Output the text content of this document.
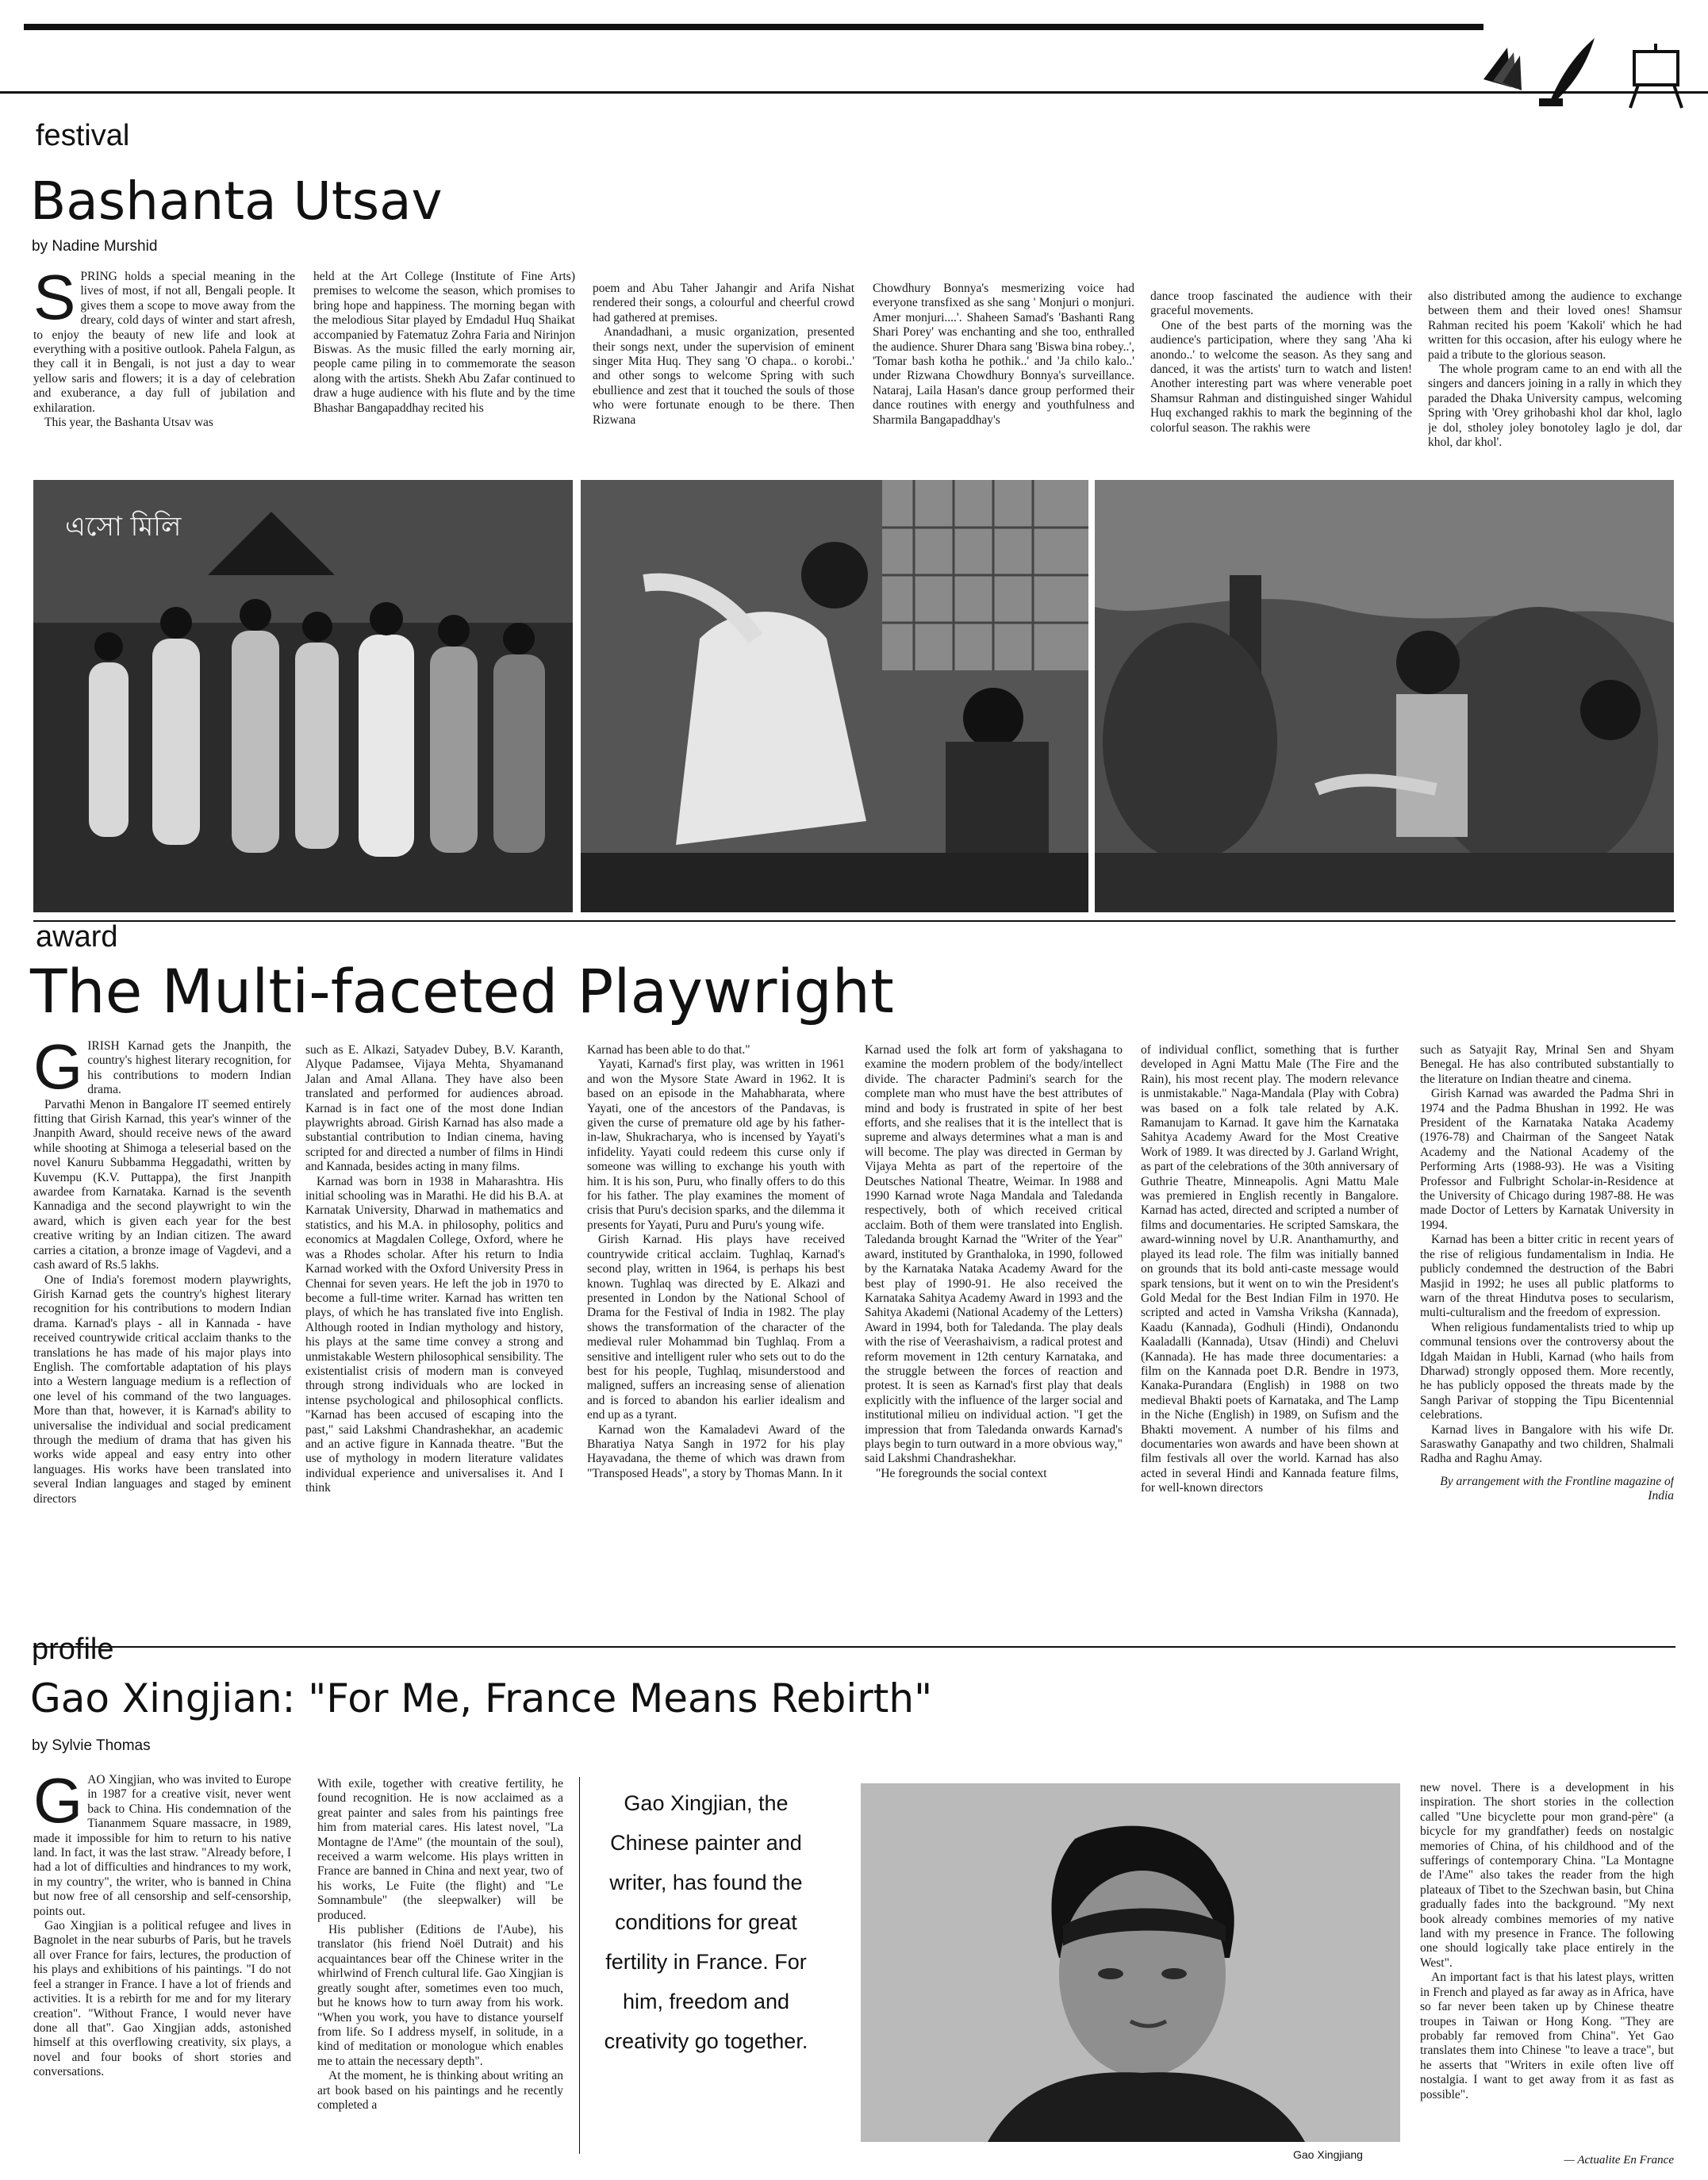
festival
Bashanta Utsav
by Nadine Murshid
S PRING holds a special meaning in the lives of most, if not all, Bengali people. It gives them a scope to move away from the dreary, cold days of winter and start afresh, to enjoy the beauty of new life and look at everything with a positive outlook. Pahela Falgun, as they call it in Bengali, is not just a day to wear yellow saris and flowers; it is a day of celebration and exuberance, a day full of jubilation and exhilaration.

This year, the Bashanta Utsav was

held at the Art College (Institute of Fine Arts) premises to welcome the season, which promises to bring hope and happiness. The morning began with the melodious Sitar played by Emdadul Huq Shaikat accompanied by Fatematuz Zohra Faria and Nirinjon Biswas. As the music filled the early morning air, people came piling in to commemorate the season along with the artists. Shekh Abu Zafar continued to draw a huge audience with his flute and by the time Bhashar Bangapaddhay recited his

poem and Abu Taher Jahangir and Arifa Nishat rendered their songs, a colourful and cheerful crowd had gathered at premises.

Anandadhani, a music organization, presented their songs next, under the supervision of eminent singer Mita Huq. They sang 'O chapa.. o korobi..' and other songs to welcome Spring with such ebullience and zest that it touched the souls of those who were fortunate enough to be there. Then Rizwana

Chowdhury Bonnya's mesmerizing voice had everyone transfixed as she sang ' Monjuri o monjuri. Amer monjuri....'. Shaheen Samad's 'Bashanti Rang Shari Porey' was enchanting and she too, enthralled the audience. Shurer Dhara sang 'Biswa bina robey..', 'Tomar bash kotha he pothik..' and 'Ja chilo kalo..' under Rizwana Chowdhury Bonnya's surveillance. Nataraj, Laila Hasan's dance group performed their dance routines with energy and youthfulness and Sharmila Bangapaddhay's

dance troop fascinated the audience with their graceful movements.

One of the best parts of the morning was the audience's participation, where they sang 'Aha ki anondo..' to welcome the season. As they sang and danced, it was the artists' turn to watch and listen! Another interesting part was where venerable poet Shamsur Rahman and distinguished singer Wahidul Huq exchanged rakhis to mark the beginning of the colorful season. The rakhis were

also distributed among the audience to exchange between them and their loved ones! Shamsur Rahman recited his poem 'Kakoli' which he had written for this occasion, after his eulogy where he paid a tribute to the glorious season.

The whole program came to an end with all the singers and dancers joining in a rally in which they paraded the Dhaka University campus, welcoming Spring with 'Orey grihobashi khol dar khol, laglo je dol, stholey joley bonotoley laglo je dol, dar khol, dar khol'.

এসো মিলি
award
The Multi-faceted Playwright
G IRISH Karnad gets the Jnanpith, the country's highest literary recognition, for his contributions to modern Indian drama.

Parvathi Menon in Bangalore IT seemed entirely fitting that Girish Karnad, this year's winner of the Jnanpith Award, should receive news of the award while shooting at Shimoga a teleserial based on the novel Kanuru Subbamma Heggadathi, written by Kuvempu (K.V. Puttappa), the first Jnanpith awardee from Karnataka. Karnad is the seventh Kannadiga and the second playwright to win the award, which is given each year for the best creative writing by an Indian citizen. The award carries a citation, a bronze image of Vagdevi, and a cash award of Rs.5 lakhs.

One of India's foremost modern playwrights, Girish Karnad gets the country's highest literary recognition for his contributions to modern Indian drama. Karnad's plays - all in Kannada - have received countrywide critical acclaim thanks to the translations he has made of his major plays into English. The comfortable adaptation of his plays into a Western language medium is a reflection of one level of his command of the two languages. More than that, however, it is Karnad's ability to universalise the individual and social predicament through the medium of drama that has given his works wide appeal and easy entry into other languages. His works have been translated into several Indian languages and staged by eminent directors

such as E. Alkazi, Satyadev Dubey, B.V. Karanth, Alyque Padamsee, Vijaya Mehta, Shyamanand Jalan and Amal Allana. They have also been translated and performed for audiences abroad. Karnad is in fact one of the most done Indian playwrights abroad. Girish Karnad has also made a substantial contribution to Indian cinema, having scripted for and directed a number of films in Hindi and Kannada, besides acting in many films.

Karnad was born in 1938 in Maharashtra. His initial schooling was in Marathi. He did his B.A. at Karnatak University, Dharwad in mathematics and statistics, and his M.A. in philosophy, politics and economics at Magdalen College, Oxford, where he was a Rhodes scholar. After his return to India Karnad worked with the Oxford University Press in Chennai for seven years. He left the job in 1970 to become a full-time writer. Karnad has written ten plays, of which he has translated five into English. Although rooted in Indian mythology and history, his plays at the same time convey a strong and unmistakable Western philosophical sensibility. The existentialist crisis of modern man is conveyed through strong individuals who are locked in intense psychological and philosophical conflicts. "Karnad has been accused of escaping into the past," said Lakshmi Chandrashekhar, an academic and an active figure in Kannada theatre. "But the use of mythology in modern literature validates individual experience and universalises it. And I think

Karnad has been able to do that."

Yayati, Karnad's first play, was written in 1961 and won the Mysore State Award in 1962. It is based on an episode in the Mahabharata, where Yayati, one of the ancestors of the Pandavas, is given the curse of premature old age by his father-in-law, Shukracharya, who is incensed by Yayati's infidelity. Yayati could redeem this curse only if someone was willing to exchange his youth with him. It is his son, Puru, who finally offers to do this for his father. The play examines the moment of crisis that Puru's decision sparks, and the dilemma it presents for Yayati, Puru and Puru's young wife.

Girish Karnad. His plays have received countrywide critical acclaim. Tughlaq, Karnad's second play, written in 1964, is perhaps his best known. Tughlaq was directed by E. Alkazi and presented in London by the National School of Drama for the Festival of India in 1982. The play shows the transformation of the character of the medieval ruler Mohammad bin Tughlaq. From a sensitive and intelligent ruler who sets out to do the best for his people, Tughlaq, misunderstood and maligned, suffers an increasing sense of alienation and is forced to abandon his earlier idealism and end up as a tyrant.

Karnad won the Kamaladevi Award of the Bharatiya Natya Sangh in 1972 for his play Hayavadana, the theme of which was drawn from "Transposed Heads", a story by Thomas Mann. In it

Karnad used the folk art form of yakshagana to examine the modern problem of the body/intellect divide. The character Padmini's search for the complete man who must have the best attributes of mind and body is frustrated in spite of her best efforts, and she realises that it is the intellect that is supreme and always determines what a man is and will become. The play was directed in German by Vijaya Mehta as part of the repertoire of the Deutsches National Theatre, Weimar. In 1988 and 1990 Karnad wrote Naga Mandala and Taledanda respectively, both of which received critical acclaim. Both of them were translated into English. Taledanda brought Karnad the "Writer of the Year" award, instituted by Granthaloka, in 1990, followed by the Karnataka Nataka Academy Award for the best play of 1990-91. He also received the Karnataka Sahitya Academy Award in 1993 and the Sahitya Akademi (National Academy of the Letters) Award in 1994, both for Taledanda. The play deals with the rise of Veerashaivism, a radical protest and reform movement in 12th century Karnataka, and the struggle between the forces of reaction and protest. It is seen as Karnad's first play that deals explicitly with the influence of the larger social and institutional milieu on individual action. "I get the impression that from Taledanda onwards Karnad's plays begin to turn outward in a more obvious way," said Lakshmi Chandrashekhar.

"He foregrounds the social context

of individual conflict, something that is further developed in Agni Mattu Male (The Fire and the Rain), his most recent play. The modern relevance is unmistakable." Naga-Mandala (Play with Cobra) was based on a folk tale related by A.K. Ramanujam to Karnad. It gave him the Karnataka Sahitya Academy Award for the Most Creative Work of 1989. It was directed by J. Garland Wright, as part of the celebrations of the 30th anniversary of Guthrie Theatre, Minneapolis. Agni Mattu Male was premiered in English recently in Bangalore. Karnad has acted, directed and scripted a number of films and documentaries. He scripted Samskara, the award-winning novel by U.R. Ananthamurthy, and played its lead role. The film was initially banned on grounds that its bold anti-caste message would spark tensions, but it went on to win the President's Gold Medal for the Best Indian Film in 1970. He scripted and acted in Vamsha Vriksha (Kannada), Kaadu (Kannada), Godhuli (Hindi), Ondanondu Kaaladalli (Kannada), Utsav (Hindi) and Cheluvi (Kannada). He has made three documentaries: a film on the Kannada poet D.R. Bendre in 1973, Kanaka-Purandara (English) in 1988 on two medieval Bhakti poets of Karnataka, and The Lamp in the Niche (English) in 1989, on Sufism and the Bhakti movement. A number of his films and documentaries won awards and have been shown at film festivals all over the world. Karnad has also acted in several Hindi and Kannada feature films, for well-known directors

such as Satyajit Ray, Mrinal Sen and Shyam Benegal. He has also contributed substantially to the literature on Indian theatre and cinema.

Girish Karnad was awarded the Padma Shri in 1974 and the Padma Bhushan in 1992. He was President of the Karnataka Nataka Academy (1976-78) and Chairman of the Sangeet Natak Academy and the National Academy of the Performing Arts (1988-93). He was a Visiting Professor and Fulbright Scholar-in-Residence at the University of Chicago during 1987-88. He was made Doctor of Letters by Karnatak University in 1994.

Karnad has been a bitter critic in recent years of the rise of religious fundamentalism in India. He publicly condemned the destruction of the Babri Masjid in 1992; he uses all public platforms to warn of the threat Hindutva poses to secularism, multi-culturalism and the freedom of expression.

When religious fundamentalists tried to whip up communal tensions over the controversy about the Idgah Maidan in Hubli, Karnad (who hails from Dharwad) strongly opposed them. More recently, he has publicly opposed the threats made by the Sangh Parivar of stopping the Tipu Bicentennial celebrations.

Karnad lives in Bangalore with his wife Dr. Saraswathy Ganapathy and two children, Shalmali Radha and Raghu Amay.

By arrangement with the Frontline magazine of India

profile
Gao Xingjian: "For Me, France Means Rebirth"
by Sylvie Thomas
G AO Xingjian, who was invited to Europe in 1987 for a creative visit, never went back to China. His condemnation of the Tiananmem Square massacre, in 1989, made it impossible for him to return to his native land. In fact, it was the last straw. "Already before, I had a lot of difficulties and hindrances to my work, in my country", the writer, who is banned in China but now free of all censorship and self-censorship, points out.

Gao Xingjian is a political refugee and lives in Bagnolet in the near suburbs of Paris, but he travels all over France for fairs, lectures, the production of his plays and exhibitions of his paintings. "I do not feel a stranger in France. I have a lot of friends and activities. It is a rebirth for me and for my literary creation". "Without France, I would never have done all that". Gao Xingjian adds, astonished himself at this overflowing creativity, six plays, a novel and four books of short stories and conversations.

With exile, together with creative fertility, he found recognition. He is now acclaimed as a great painter and sales from his paintings free him from material cares. His latest novel, "La Montagne de l'Ame" (the mountain of the soul), received a warm welcome. His plays written in France are banned in China and next year, two of his works, Le Fuite (the flight) and "Le Somnambule" (the sleepwalker) will be produced.

His publisher (Editions de l'Aube), his translator (his friend Noël Dutrait) and his acquaintances bear off the Chinese writer in the whirlwind of French cultural life. Gao Xingjian is greatly sought after, sometimes even too much, but he knows how to turn away from his work. "When you work, you have to distance yourself from life. So I address myself, in solitude, in a kind of meditation or monologue which enables me to attain the necessary depth".

At the moment, he is thinking about writing an art book based on his paintings and he recently completed a

Gao Xingjian, the Chinese painter and writer, has found the conditions for great fertility in France. For him, freedom and creativity go together.
Gao Xingjiang

new novel. There is a development in his inspiration. The short stories in the collection called "Une bicyclette pour mon grand-père" (a bicycle for my grandfather) feeds on nostalgic memories of China, of his childhood and of the sufferings of contemporary China. "La Montagne de l'Ame" also takes the reader from the high plateaux of Tibet to the Szechwan basin, but China gradually fades into the background. "My next book already combines memories of my native land with my presence in France. The following one should logically take place entirely in the West".

An important fact is that his latest plays, written in French and played as far away as in Africa, have so far never been taken up by Chinese theatre troupes in Taiwan or Hong Kong. "They are probably far removed from China". Yet Gao translates them into Chinese "to leave a trace", but he asserts that "Writers in exile often live off nostalgia. I want to get away from it as fast as possible".

— Actualite En France
